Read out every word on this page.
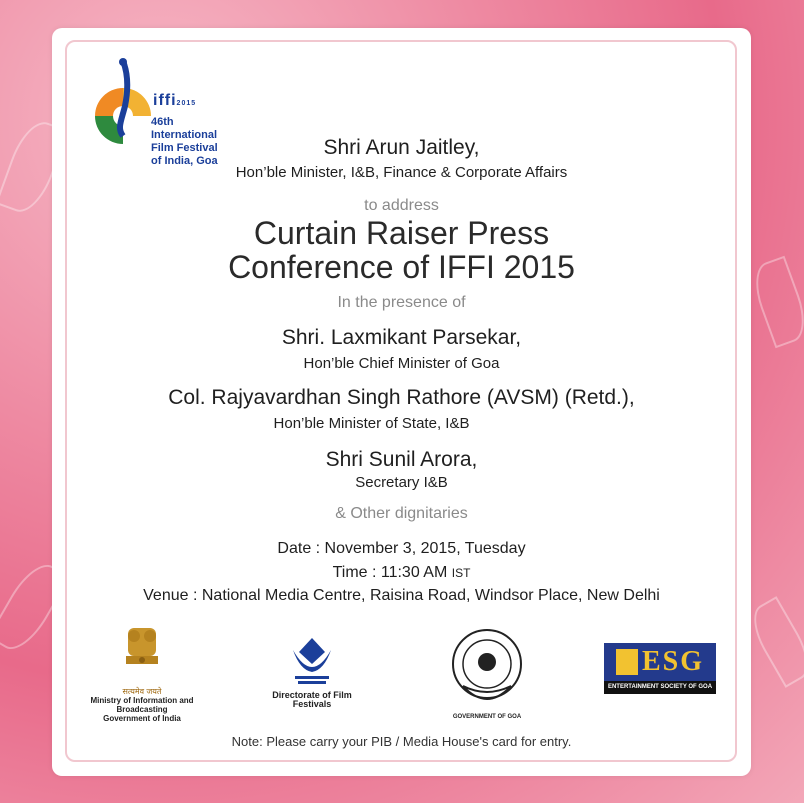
iffi2015
46th
International
Film Festival
of India, Goa
Shri Arun Jaitley,
Hon’ble Minister, I&B, Finance & Corporate Affairs
to address
Curtain Raiser Press
Conference of IFFI 2015
In the presence of
Shri. Laxmikant Parsekar,
Hon’ble Chief Minister of Goa
Col. Rajyavardhan Singh Rathore (AVSM) (Retd.),
Hon’ble Minister of State, I&B
Shri Sunil Arora,
Secretary I&B
& Other dignitaries
Date : November 3, 2015, Tuesday
Time : 11:30 AM IST
Venue : National Media Centre, Raisina Road, Windsor Place, New Delhi
सत्यमेव जयते
Ministry of Information and Broadcasting
Government of India
Directorate of Film Festivals
GOVERNMENT OF GOA
ESG
ENTERTAINMENT SOCIETY OF GOA
Note: Please carry your PIB / Media House's card for entry.
